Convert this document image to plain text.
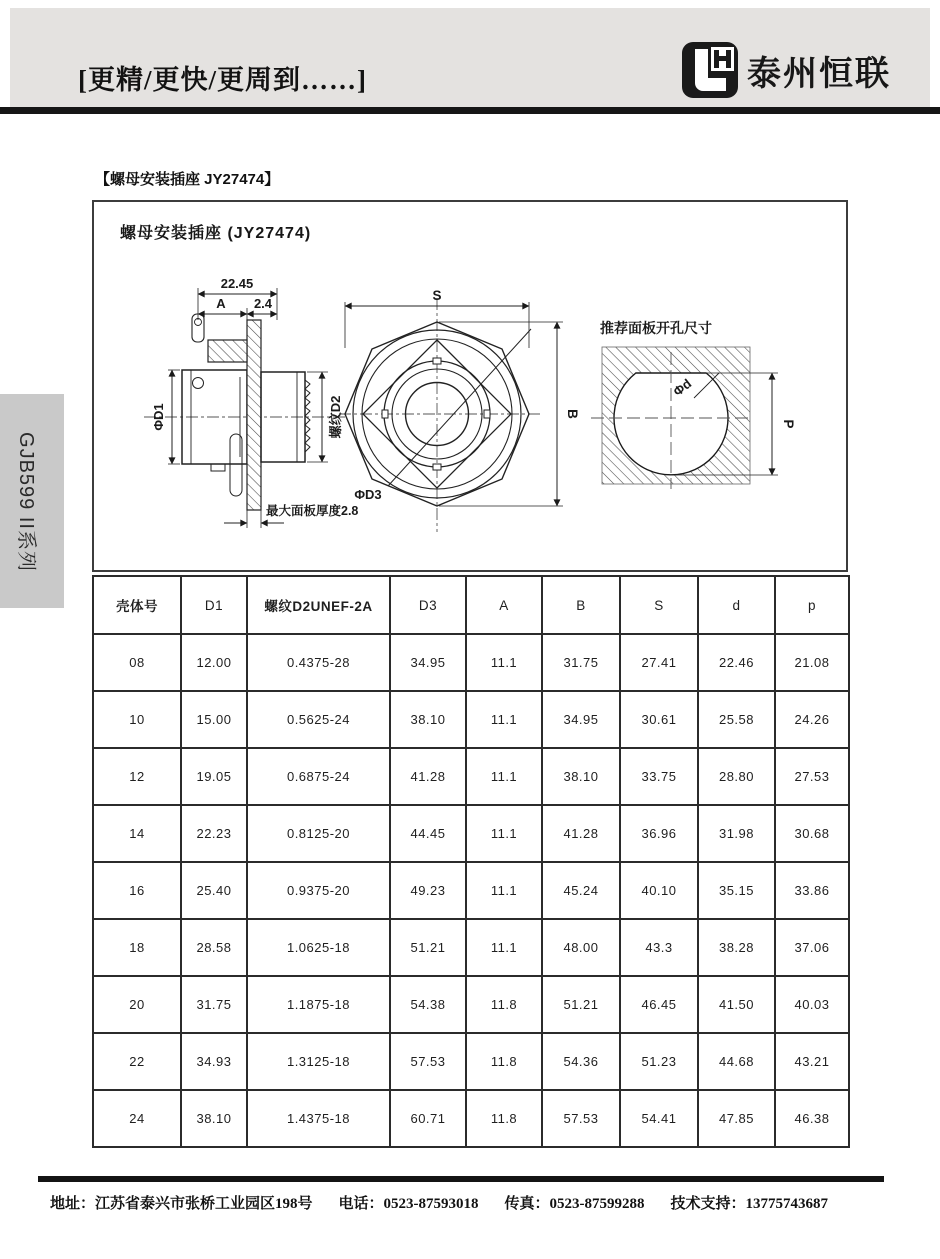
[更精/更快/更周到……]	泰州恒联
GJB599 II系列
【螺母安装插座 JY27474】
螺母安装插座 (JY27474)
22.45
A 2.4
ΦD1	螺纹D2
最大面板厚度2.8
S
B
ΦD3
推荐面板开孔尺寸
Φd
P
壳体号	D1	螺纹D2UNEF-2A	D3	A	B	S	d	p
08	12.00	0.4375-28	34.95	11.1	31.75	27.41	22.46	21.08
10	15.00	0.5625-24	38.10	11.1	34.95	30.61	25.58	24.26
12	19.05	0.6875-24	41.28	11.1	38.10	33.75	28.80	27.53
14	22.23	0.8125-20	44.45	11.1	41.28	36.96	31.98	30.68
16	25.40	0.9375-20	49.23	11.1	45.24	40.10	35.15	33.86
18	28.58	1.0625-18	51.21	11.1	48.00	43.3	38.28	37.06
20	31.75	1.1875-18	54.38	11.8	51.21	46.45	41.50	40.03
22	34.93	1.3125-18	57.53	11.8	54.36	51.23	44.68	43.21
24	38.10	1.4375-18	60.71	11.8	57.53	54.41	47.85	46.38
地址：江苏省泰兴市张桥工业园区198号 电话：0523-87593018 传真：0523-87599288 技术支持：13775743687
